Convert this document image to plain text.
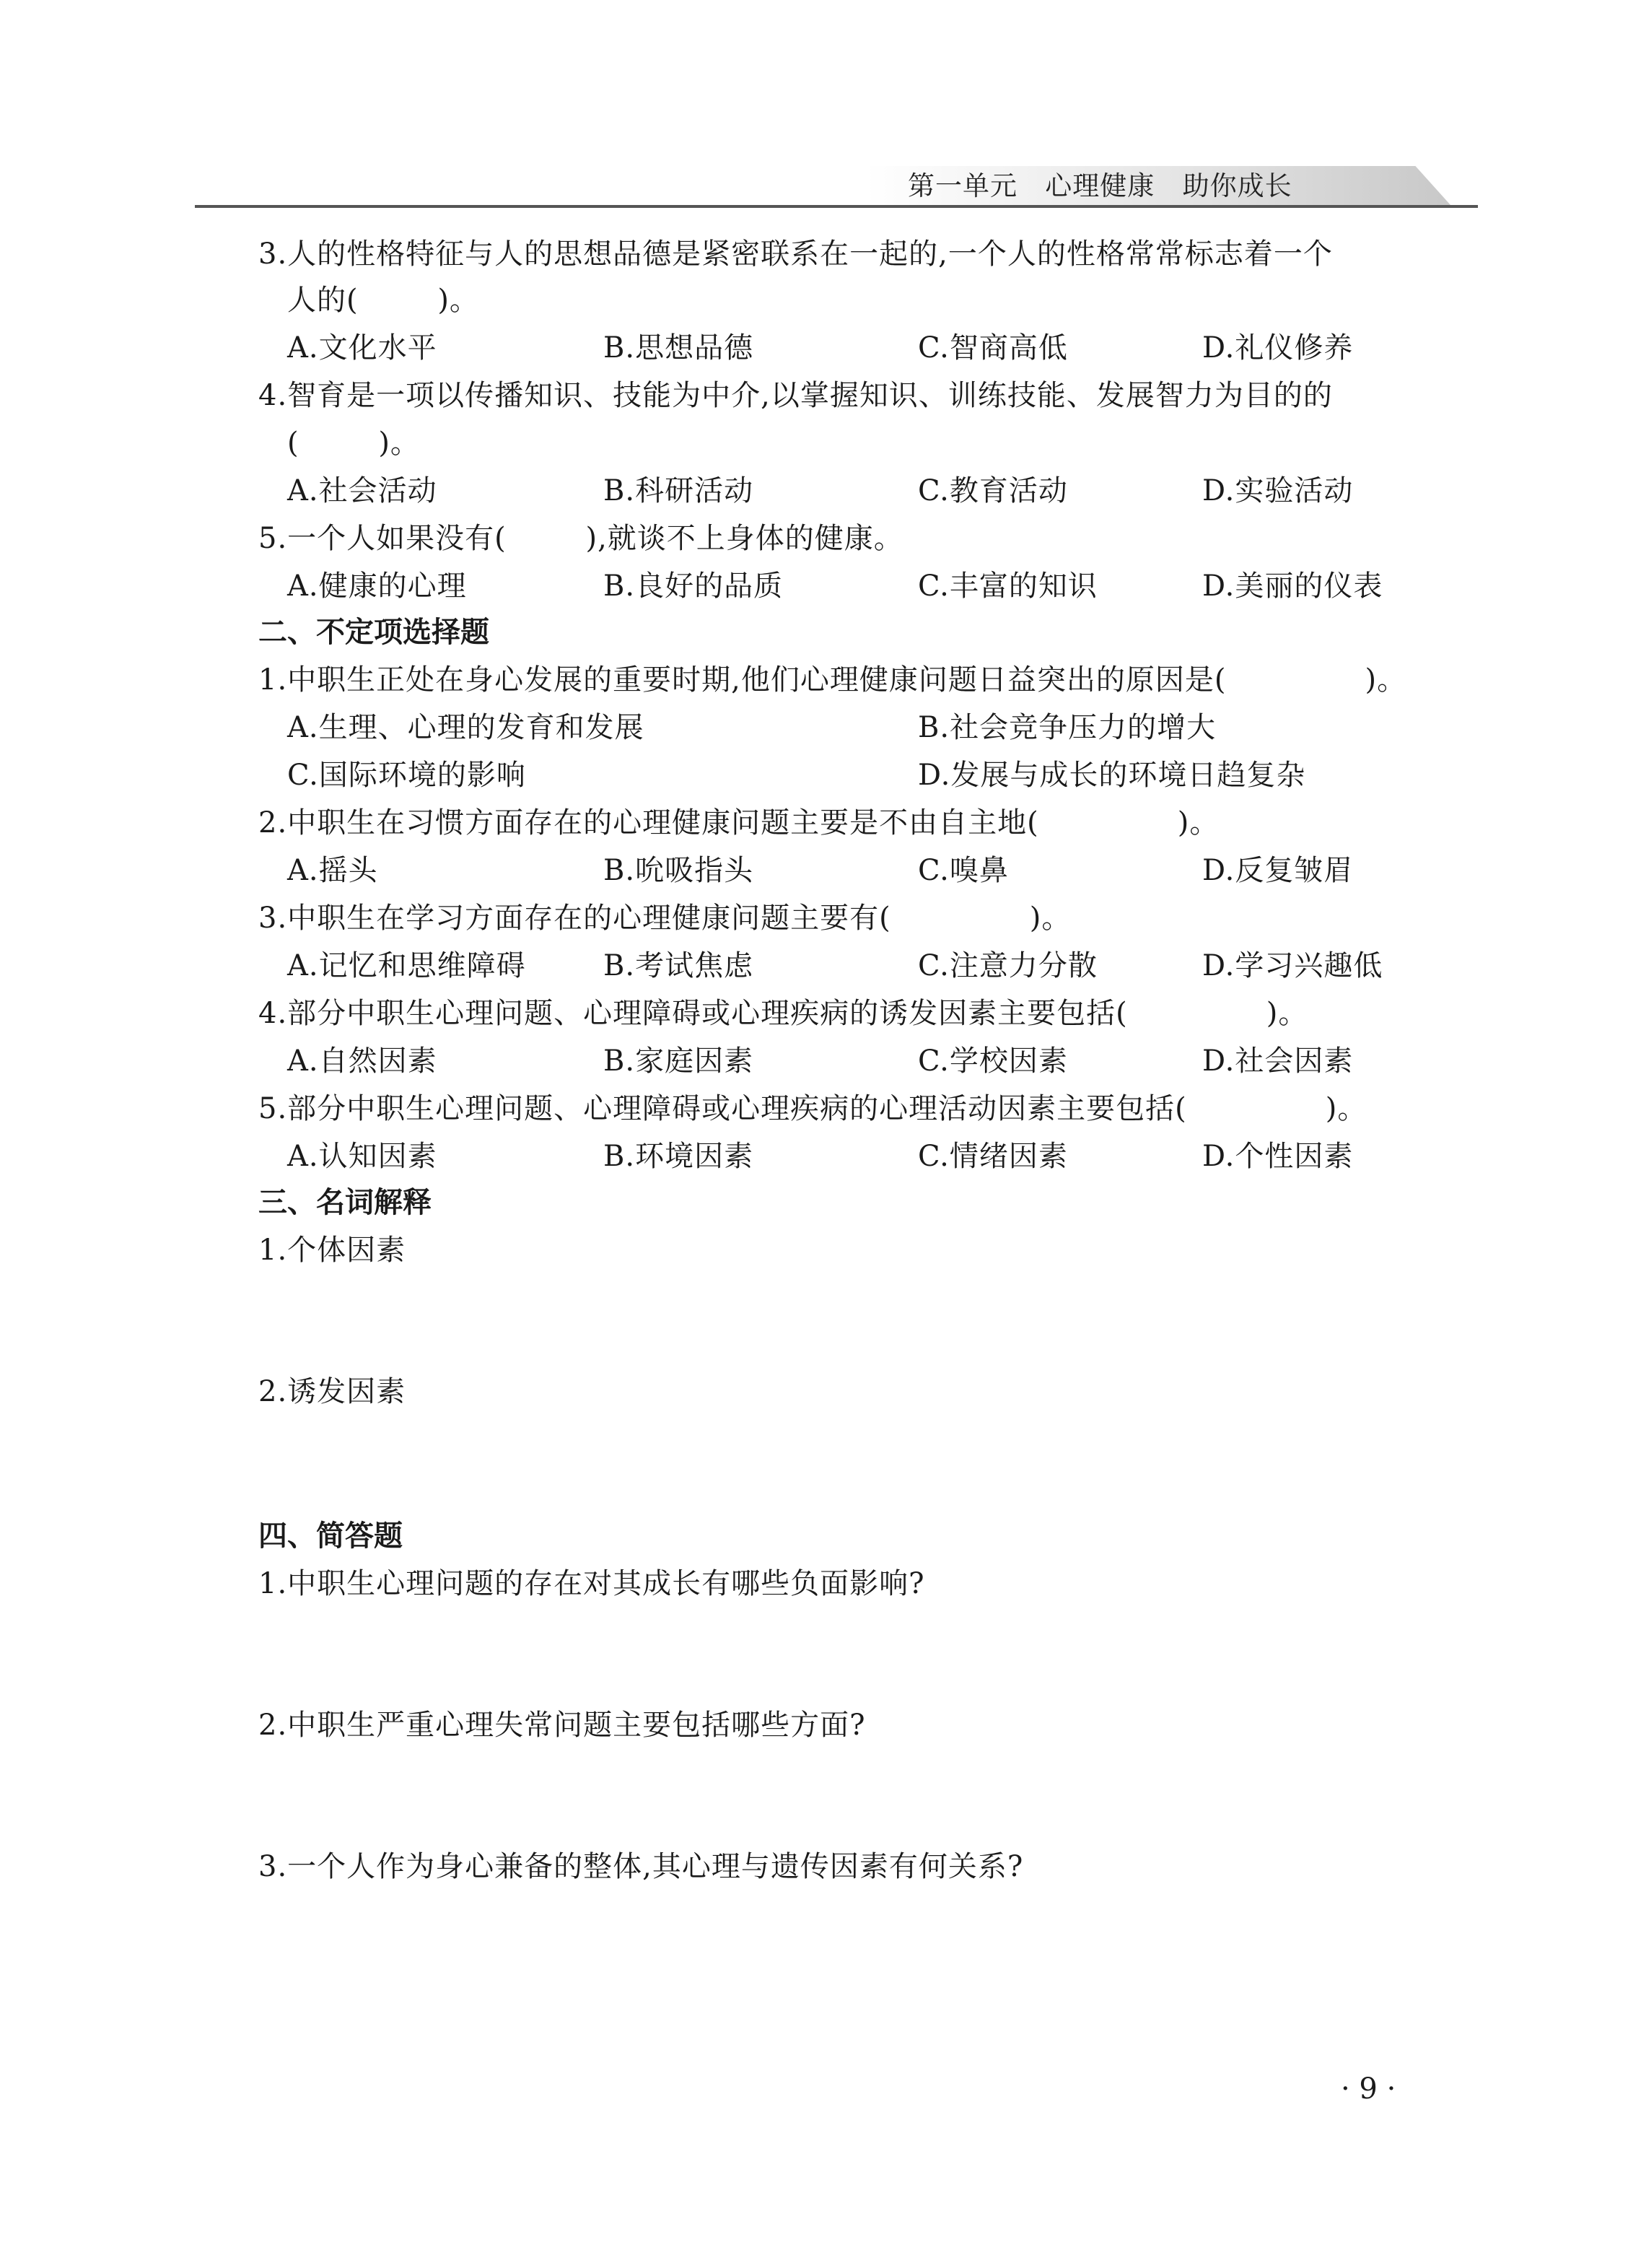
第一单元   心理健康   助你成长
3.人的性格特征与人的思想品德是紧密联系在一起的,一个人的性格常常标志着一个
人的(        )。
A.文化水平	B.思想品德	C.智商高低	D.礼仪修养
4.智育是一项以传播知识、技能为中介,以掌握知识、训练技能、发展智力为目的的
(        )。
A.社会活动	B.科研活动	C.教育活动	D.实验活动
5.一个人如果没有(        ),就谈不上身体的健康。
A.健康的心理	B.良好的品质	C.丰富的知识	D.美丽的仪表
二、不定项选择题
1.中职生正处在身心发展的重要时期,他们心理健康问题日益突出的原因是(              )。
A.生理、心理的发育和发展	B.社会竞争压力的增大
C.国际环境的影响	D.发展与成长的环境日趋复杂
2.中职生在习惯方面存在的心理健康问题主要是不由自主地(              )。
A.摇头	B.吮吸指头	C.嗅鼻	D.反复皱眉
3.中职生在学习方面存在的心理健康问题主要有(              )。
A.记忆和思维障碍	B.考试焦虑	C.注意力分散	D.学习兴趣低
4.部分中职生心理问题、心理障碍或心理疾病的诱发因素主要包括(              )。
A.自然因素	B.家庭因素	C.学校因素	D.社会因素
5.部分中职生心理问题、心理障碍或心理疾病的心理活动因素主要包括(              )。
A.认知因素	B.环境因素	C.情绪因素	D.个性因素
三、名词解释
1.个体因素
2.诱发因素
四、简答题
1.中职生心理问题的存在对其成长有哪些负面影响?
2.中职生严重心理失常问题主要包括哪些方面?
3.一个人作为身心兼备的整体,其心理与遗传因素有何关系?
· 9 ·
